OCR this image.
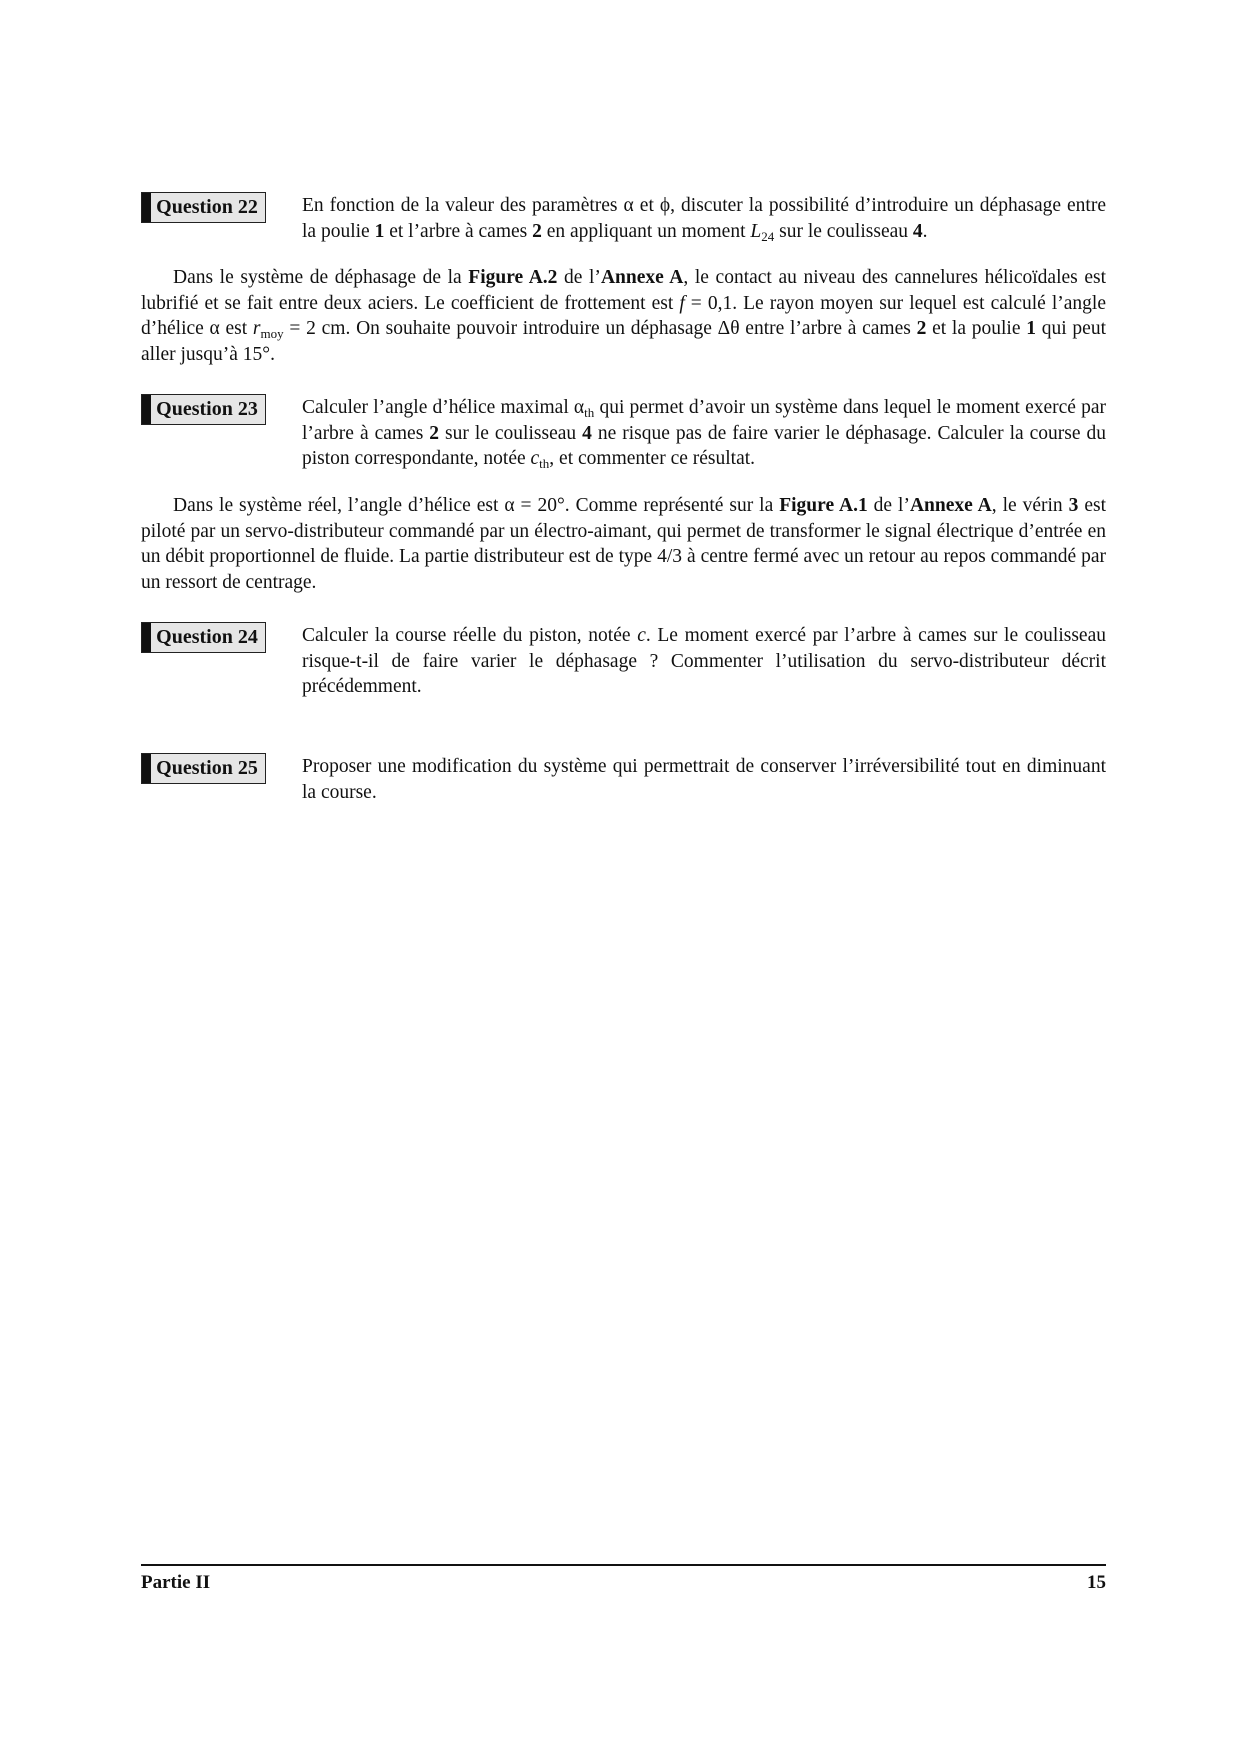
Question 22	En fonction de la valeur des paramètres α et ϕ, discuter la possibilité d’introduire un déphasage entre la poulie 1 et l’arbre à cames 2 en appliquant un moment $L_{24}$ sur le coulisseau 4.
Dans le système de déphasage de la Figure A.2 de l’Annexe A, le contact au niveau des cannelures hélicoïdales est lubrifié et se fait entre deux aciers. Le coefficient de frottement est f = 0,1. Le rayon moyen sur lequel est calculé l’angle d’hélice α est $r_{moy} = 2$ cm. On souhaite pouvoir introduire un déphasage Δθ entre l’arbre à cames 2 et la poulie 1 qui peut aller jusqu’à 15°.
Question 23	Calculer l’angle d’hélice maximal $\alpha_{th}$ qui permet d’avoir un système dans lequel le moment exercé par l’arbre à cames 2 sur le coulisseau 4 ne risque pas de faire varier le déphasage. Calculer la course du piston correspondante, notée $c_{th}$, et commenter ce résultat.
Dans le système réel, l’angle d’hélice est α = 20°. Comme représenté sur la Figure A.1 de l’Annexe A, le vérin 3 est piloté par un servo-distributeur commandé par un électro-aimant, qui permet de transformer le signal électrique d’entrée en un débit proportionnel de fluide. La partie distributeur est de type 4/3 à centre fermé avec un retour au repos commandé par un ressort de centrage.
Question 24	Calculer la course réelle du piston, notée c. Le moment exercé par l’arbre à cames sur le coulisseau risque-t-il de faire varier le déphasage ? Commenter l’utilisation du servo-distributeur décrit précédemment.
Question 25	Proposer une modification du système qui permettrait de conserver l’irréversibilité tout en diminuant la course.
Partie II	15
